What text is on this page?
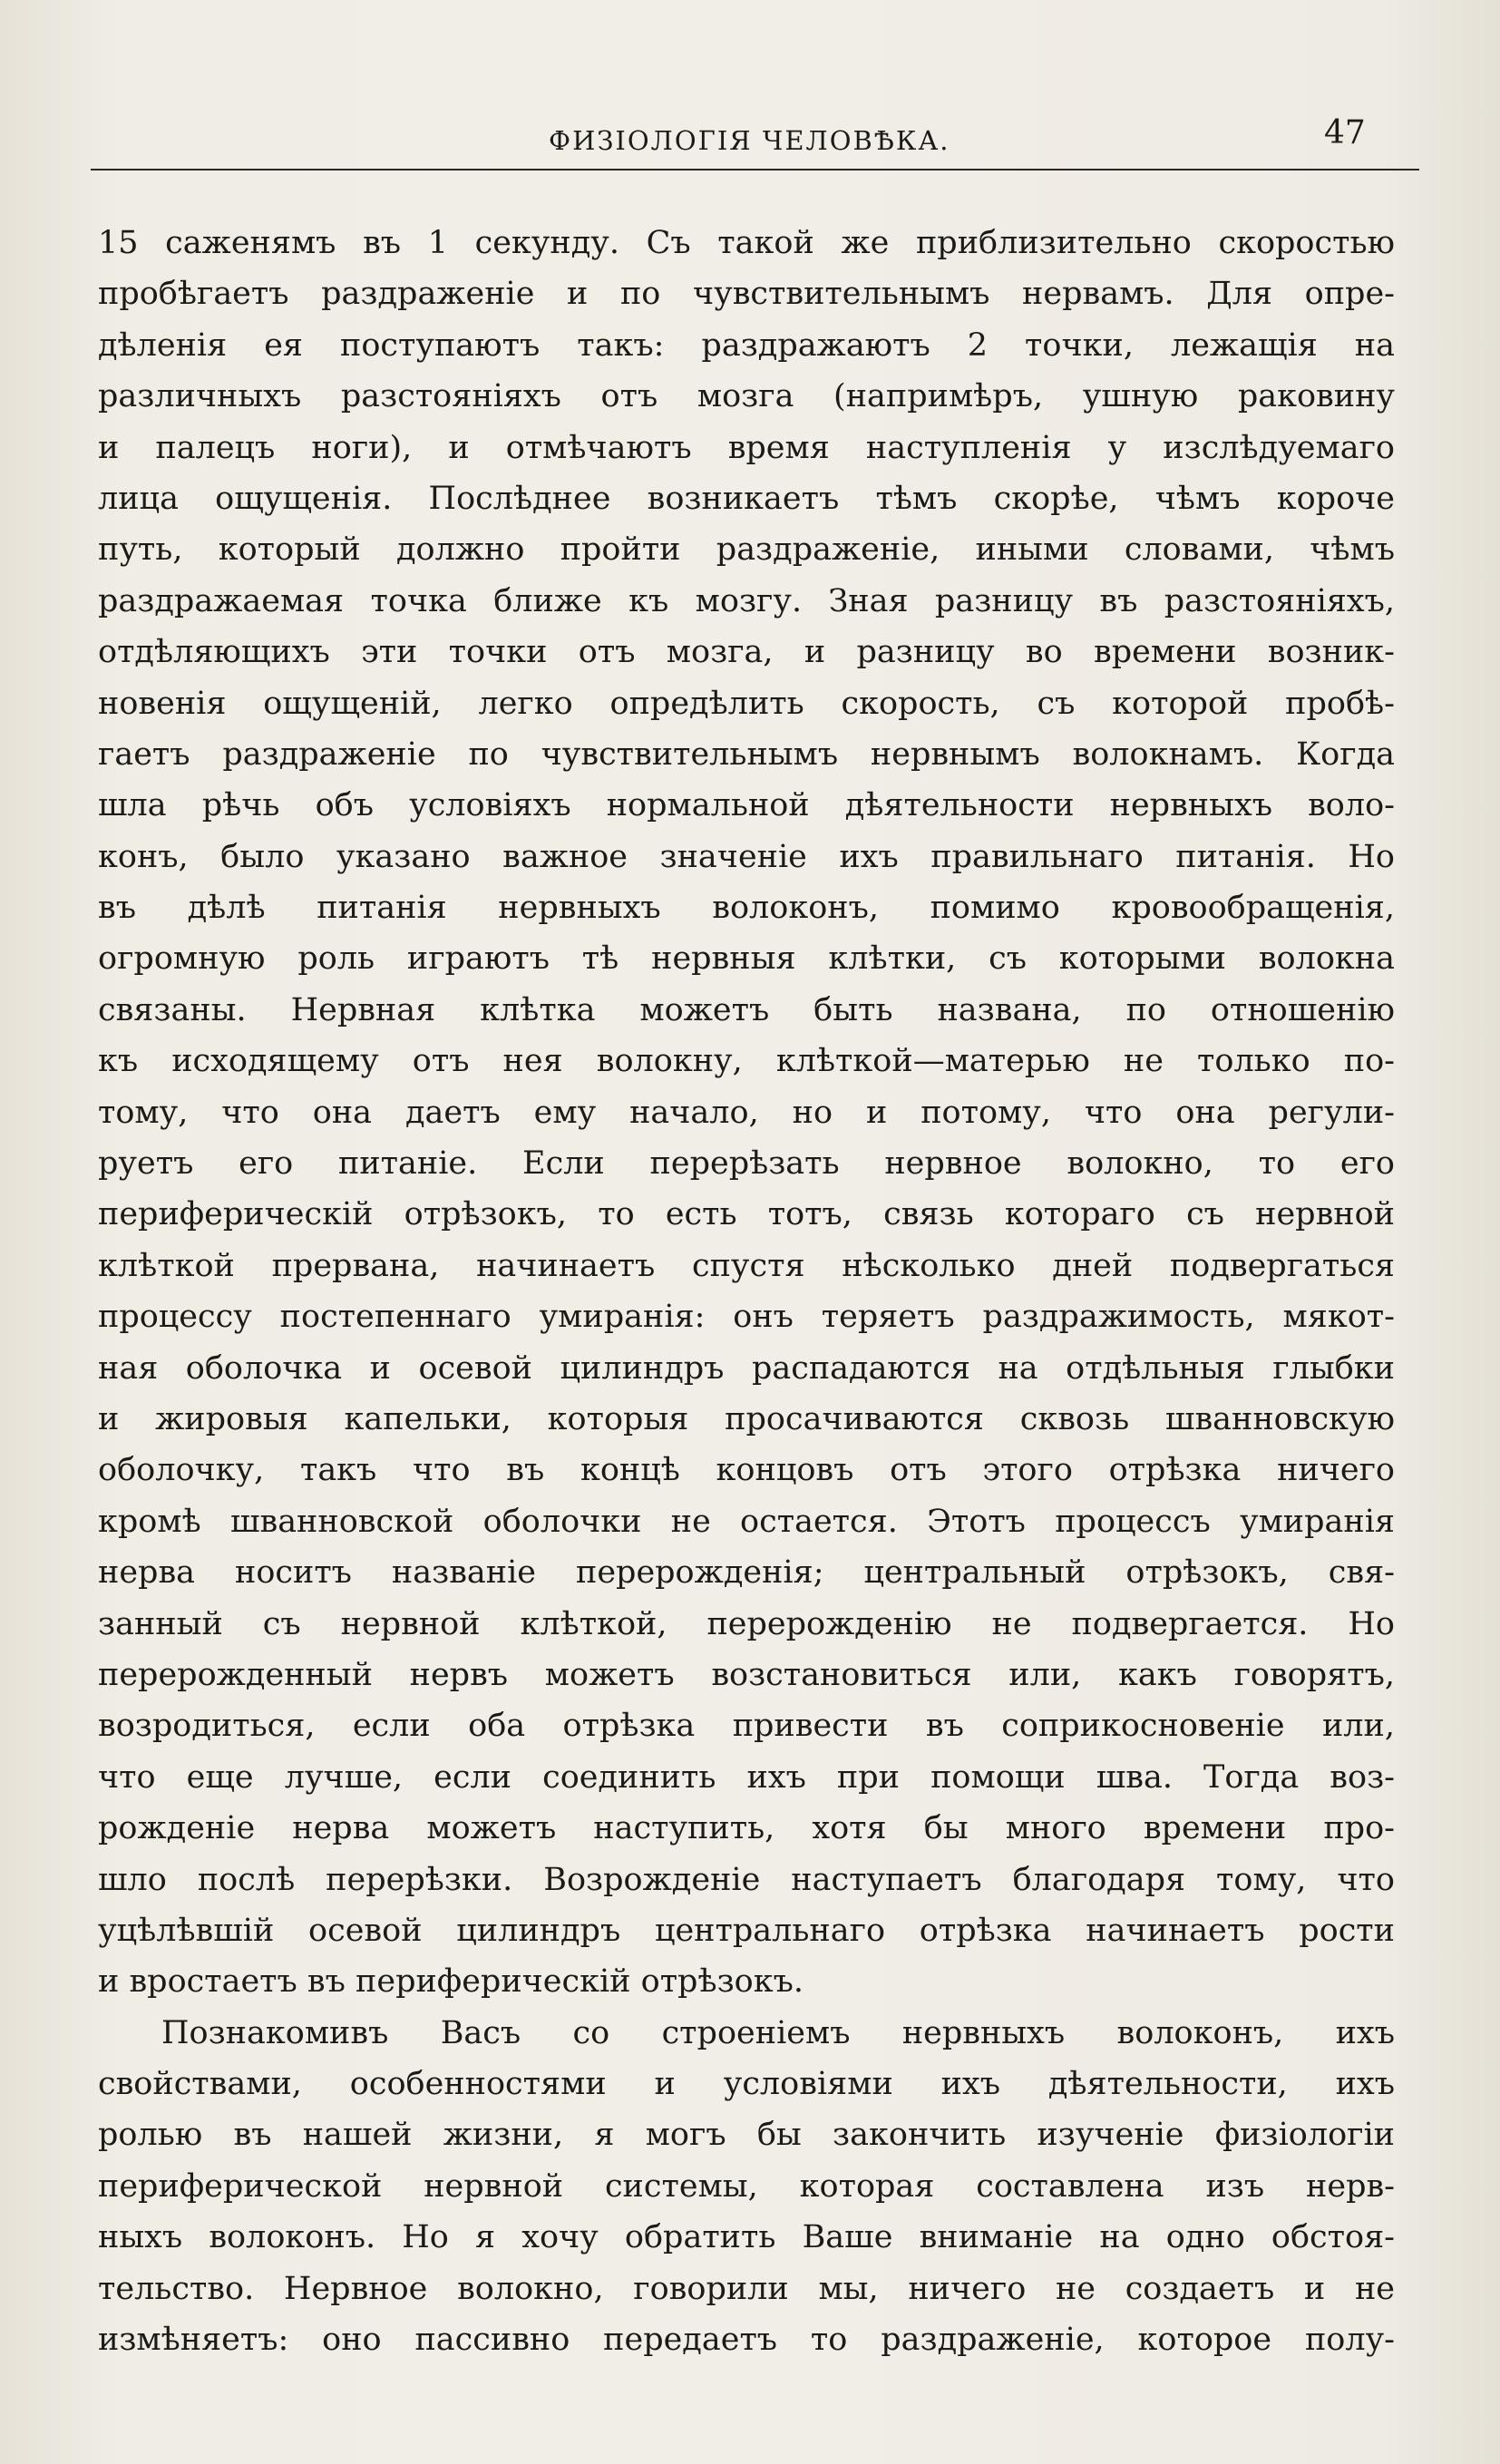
ФИЗІОЛОГІЯ ЧЕЛОВѢКА.	47
15 саженямъ въ 1 секунду. Съ такой же приблизительно скоростью
пробѣгаетъ раздраженіе и по чувствительнымъ нервамъ. Для опре-
дѣленія ея поступаютъ такъ: раздражаютъ 2 точки, лежащія на
различныхъ разстояніяхъ отъ мозга (напримѣръ, ушную раковину
и палецъ ноги), и отмѣчаютъ время наступленія у изслѣдуемаго
лица ощущенія. Послѣднее возникаетъ тѣмъ скорѣе, чѣмъ короче
путь, который должно пройти раздраженіе, иными словами, чѣмъ
раздражаемая точка ближе къ мозгу. Зная разницу въ разстояніяхъ,
отдѣляющихъ эти точки отъ мозга, и разницу во времени возник-
новенія ощущеній, легко опредѣлить скорость, съ которой пробѣ-
гаетъ раздраженіе по чувствительнымъ нервнымъ волокнамъ. Когда
шла рѣчь объ условіяхъ нормальной дѣятельности нервныхъ воло-
конъ, было указано важное значеніе ихъ правильнаго питанія. Но
въ дѣлѣ питанія нервныхъ волоконъ, помимо кровообращенія,
огромную роль играютъ тѣ нервныя клѣтки, съ которыми волокна
связаны. Нервная клѣтка можетъ быть названа, по отношенію
къ исходящему отъ нея волокну, клѣткой—матерью не только по-
тому, что она даетъ ему начало, но и потому, что она регули-
руетъ его питаніе. Если перерѣзать нервное волокно, то его
периферическій отрѣзокъ, то есть тотъ, связь котораго съ нервной
клѣткой прервана, начинаетъ спустя нѣсколько дней подвергаться
процессу постепеннаго умиранія: онъ теряетъ раздражимость, мякот-
ная оболочка и осевой цилиндръ распадаются на отдѣльныя глыбки
и жировыя капельки, которыя просачиваются сквозь шванновскую
оболочку, такъ что въ концѣ концовъ отъ этого отрѣзка ничего
кромѣ шванновской оболочки не остается. Этотъ процессъ умиранія
нерва носитъ названіе перерожденія; центральный отрѣзокъ, свя-
занный съ нервной клѣткой, перерожденію не подвергается. Но
перерожденный нервъ можетъ возстановиться или, какъ говорятъ,
возродиться, если оба отрѣзка привести въ соприкосновеніе или,
что еще лучше, если соединить ихъ при помощи шва. Тогда воз-
рожденіе нерва можетъ наступить, хотя бы много времени про-
шло послѣ перерѣзки. Возрожденіе наступаетъ благодаря тому, что
уцѣлѣвшій осевой цилиндръ центральнаго отрѣзка начинаетъ рости
и вростаетъ въ периферическій отрѣзокъ.
Познакомивъ Васъ со строеніемъ нервныхъ волоконъ, ихъ
свойствами, особенностями и условіями ихъ дѣятельности, ихъ
ролью въ нашей жизни, я могъ бы закончить изученіе физіологіи
периферической нервной системы, которая составлена изъ нерв-
ныхъ волоконъ. Но я хочу обратить Ваше вниманіе на одно обстоя-
тельство. Нервное волокно, говорили мы, ничего не создаетъ и не
измѣняетъ: оно пассивно передаетъ то раздраженіе, которое полу-
